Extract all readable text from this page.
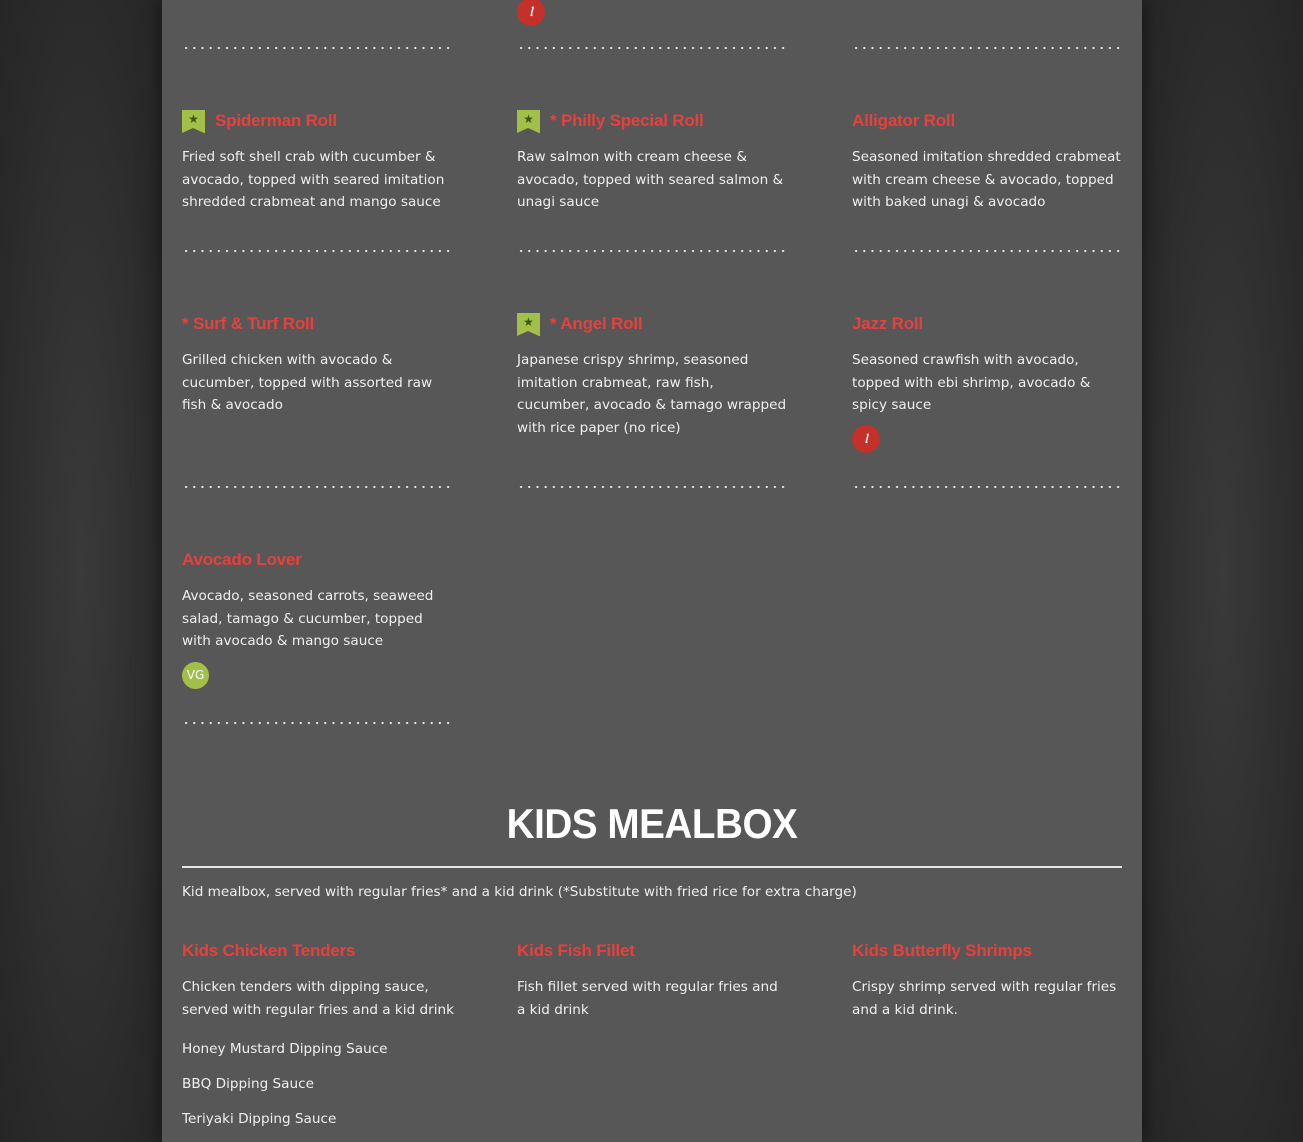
Ⲓ
★ Spiderman Roll
Fried soft shell crab with cucumber & avocado, topped with seared imitation shredded crabmeat and mango sauce
★ * Philly Special Roll
Raw salmon with cream cheese & avocado, topped with seared salmon & unagi sauce
Alligator Roll
Seasoned imitation shredded crabmeat with cream cheese & avocado, topped with baked unagi & avocado
* Surf & Turf Roll
Grilled chicken with avocado & cucumber, topped with assorted raw fish & avocado
★ * Angel Roll
Japanese crispy shrimp, seasoned imitation crabmeat, raw fish, cucumber, avocado & tamago wrapped with rice paper (no rice)
Jazz Roll
Seasoned crawfish with avocado, topped with ebi shrimp, avocado & spicy sauce
Ⲓ
Avocado Lover
Avocado, seasoned carrots, seaweed salad, tamago & cucumber, topped with avocado & mango sauce
VG
KIDS MEALBOX
Kid mealbox, served with regular fries* and a kid drink (*Substitute with fried rice for extra charge)
Kids Chicken Tenders
Chicken tenders with dipping sauce, served with regular fries and a kid drink
Kids Fish Fillet
Fish fillet served with regular fries and a kid drink
Kids Butterfly Shrimps
Crispy shrimp served with regular fries and a kid drink.
Honey Mustard Dipping Sauce
BBQ Dipping Sauce
Teriyaki Dipping Sauce
